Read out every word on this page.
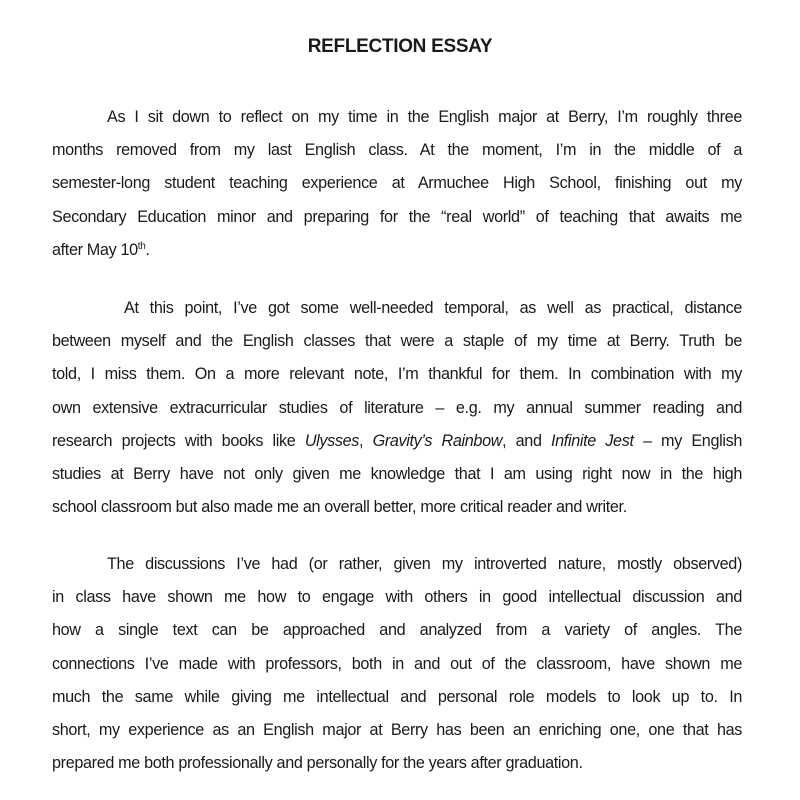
REFLECTION ESSAY
As I sit down to reflect on my time in the English major at Berry, I’m roughly three
months removed from my last English class. At the moment, I’m in the middle of a
semester-long student teaching experience at Armuchee High School, finishing out my
Secondary Education minor and preparing for the “real world” of teaching that awaits me
after May 10th.
At this point, I’ve got some well-needed temporal, as well as practical, distance
between myself and the English classes that were a staple of my time at Berry. Truth be
told, I miss them. On a more relevant note, I’m thankful for them. In combination with my
own extensive extracurricular studies of literature – e.g. my annual summer reading and
research projects with books like Ulysses, Gravity’s Rainbow, and Infinite Jest – my English
studies at Berry have not only given me knowledge that I am using right now in the high
school classroom but also made me an overall better, more critical reader and writer.
The discussions I’ve had (or rather, given my introverted nature, mostly observed)
in class have shown me how to engage with others in good intellectual discussion and
how a single text can be approached and analyzed from a variety of angles. The
connections I’ve made with professors, both in and out of the classroom, have shown me
much the same while giving me intellectual and personal role models to look up to. In
short, my experience as an English major at Berry has been an enriching one, one that has
prepared me both professionally and personally for the years after graduation.
